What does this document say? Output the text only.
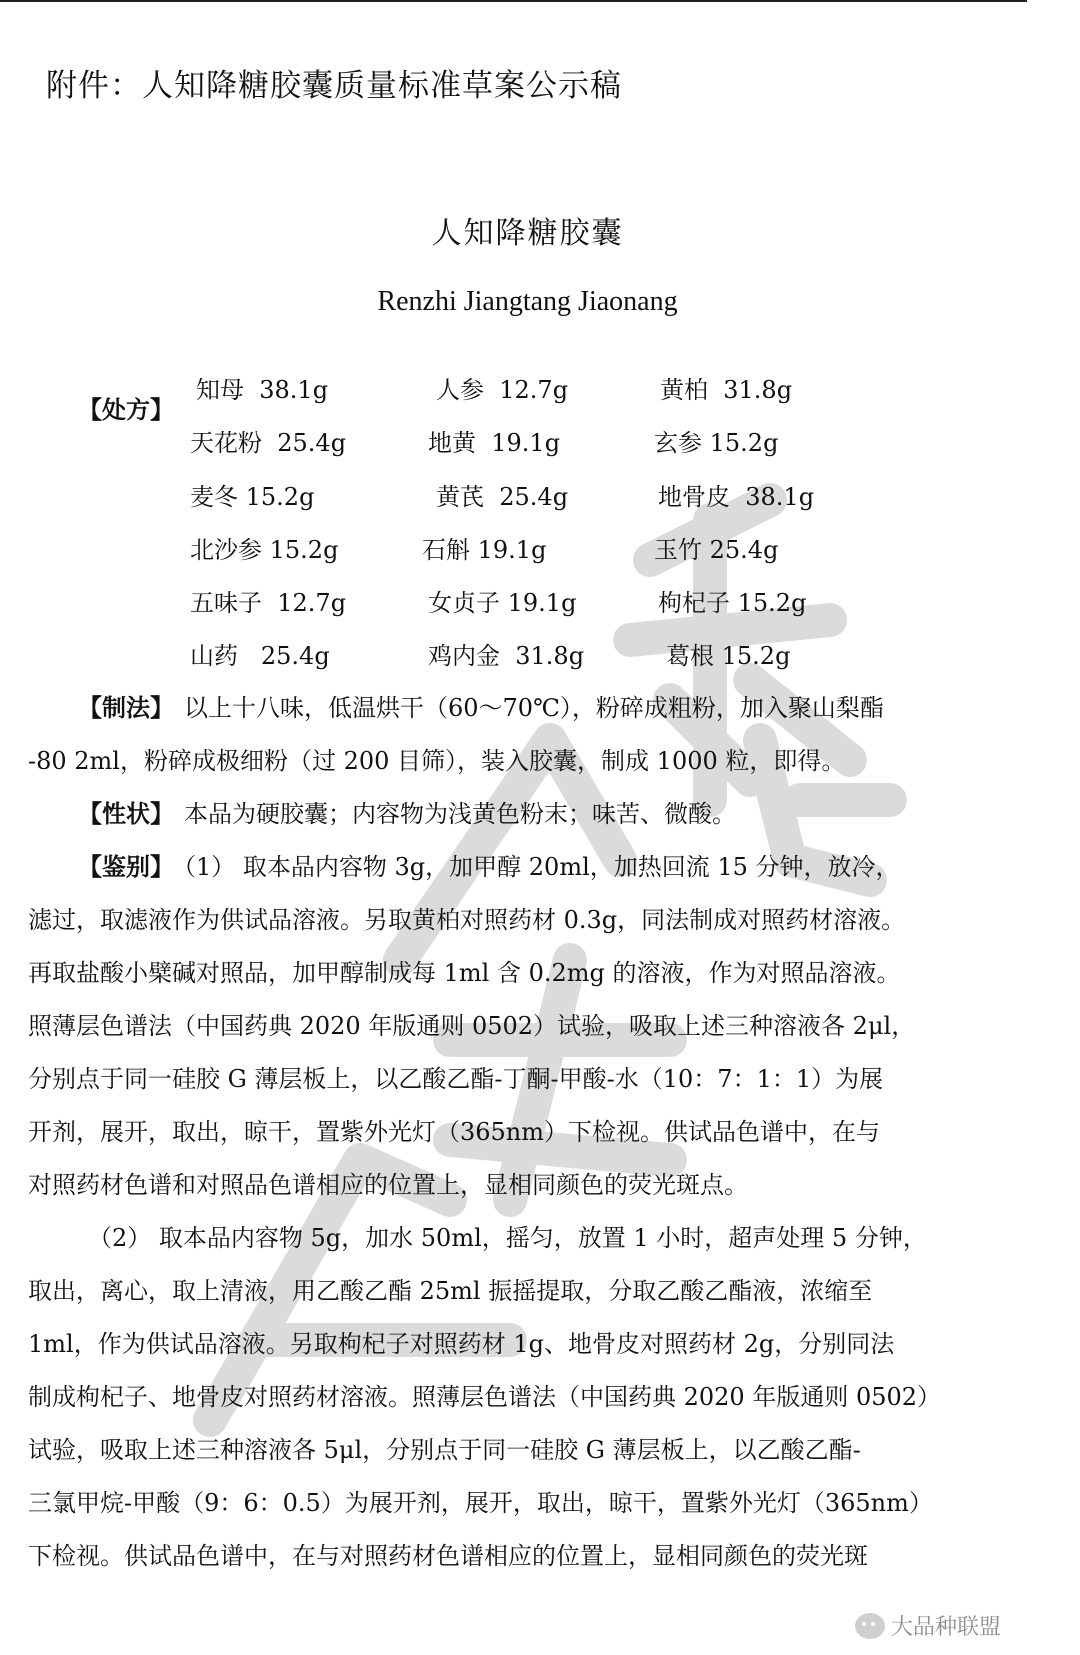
附件：人知降糖胶囊质量标准草案公示稿
人知降糖胶囊
Renzhi Jiangtang Jiaonang
【处方】
知母  38.1g	人参  12.7g	黄柏  31.8g
天花粉  25.4g	地黄  19.1g	玄参 15.2g
麦冬 15.2g	黄芪  25.4g	地骨皮  38.1g
北沙参 15.2g	石斛 19.1g	玉竹 25.4g
五味子  12.7g	女贞子 19.1g	枸杞子 15.2g
山药   25.4g	鸡内金  31.8g	葛根 15.2g
【制法】 以上十八味，低温烘干（60～70℃），粉碎成粗粉，加入聚山梨酯
-80 2ml，粉碎成极细粉（过 200 目筛），装入胶囊，制成 1000 粒，即得。
【性状】 本品为硬胶囊；内容物为浅黄色粉末；味苦、微酸。
【鉴别】 （1） 取本品内容物 3g，加甲醇 20ml，加热回流 15 分钟，放冷，
滤过，取滤液作为供试品溶液。另取黄柏对照药材 0.3g，同法制成对照药材溶液。
再取盐酸小檗碱对照品，加甲醇制成每 1ml 含 0.2mg 的溶液，作为对照品溶液。
照薄层色谱法（中国药典 2020 年版通则 0502）试验，吸取上述三种溶液各 2μl，
分别点于同一硅胶 G 薄层板上，以乙酸乙酯-丁酮-甲酸-水（10：7：1：1）为展
开剂，展开，取出，晾干，置紫外光灯（365nm）下检视。供试品色谱中，在与
对照药材色谱和对照品色谱相应的位置上，显相同颜色的荧光斑点。
（2） 取本品内容物 5g，加水 50ml，摇匀，放置 1 小时，超声处理 5 分钟，
取出，离心，取上清液，用乙酸乙酯 25ml 振摇提取，分取乙酸乙酯液，浓缩至
1ml，作为供试品溶液。另取枸杞子对照药材 1g、地骨皮对照药材 2g，分别同法
制成枸杞子、地骨皮对照药材溶液。照薄层色谱法（中国药典 2020 年版通则 0502）
试验，吸取上述三种溶液各 5μl，分别点于同一硅胶 G 薄层板上，以乙酸乙酯-
三氯甲烷-甲酸（9：6：0.5）为展开剂，展开，取出，晾干，置紫外光灯（365nm）
下检视。供试品色谱中，在与对照药材色谱相应的位置上，显相同颜色的荧光斑
大品种联盟
